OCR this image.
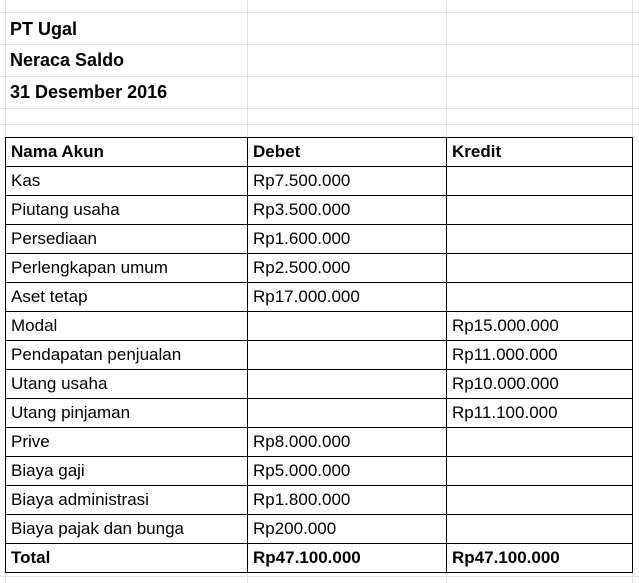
PT Ugal
Neraca Saldo
31 Desember 2016
Nama Akun	Debet	Kredit
Kas	Rp7.500.000	
Piutang usaha	Rp3.500.000	
Persediaan	Rp1.600.000	
Perlengkapan umum	Rp2.500.000	
Aset tetap	Rp17.000.000	
Modal		Rp15.000.000
Pendapatan penjualan		Rp11.000.000
Utang usaha		Rp10.000.000
Utang pinjaman		Rp11.100.000
Prive	Rp8.000.000	
Biaya gaji	Rp5.000.000	
Biaya administrasi	Rp1.800.000	
Biaya pajak dan bunga	Rp200.000	
Total	Rp47.100.000	Rp47.100.000
